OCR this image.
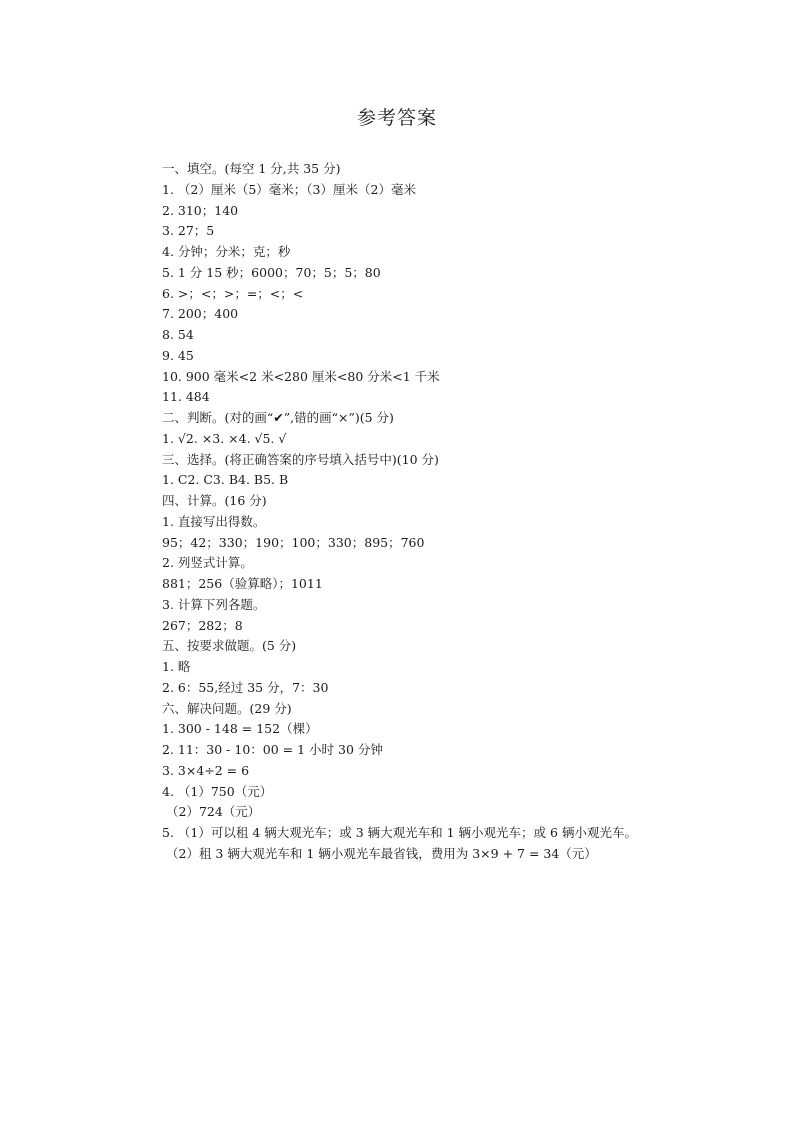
参考答案
一、填空。(每空 1 分,共 35 分)
1. （2）厘米（5）毫米；（3）厘米（2）毫米
2. 310；140
3. 27；5
4. 分钟；分米；克；秒
5. 1 分 15 秒；6000；70；5；5；80
6. >；<；>；=；<；<
7. 200；400
8. 54
9. 45
10. 900 毫米<2 米<280 厘米<80 分米<1 千米
11. 484
二、判断。(对的画“✔”,错的画“×”)(5 分)
1. √2. ×3. ×4. √5. √
三、选择。(将正确答案的序号填入括号中)(10 分)
1. C2. C3. B4. B5. B
四、计算。(16 分)
1. 直接写出得数。
95；42；330；190；100；330；895；760
2. 列竖式计算。
881；256（验算略）；1011
3. 计算下列各题。
267；282；8
五、按要求做题。(5 分)
1. 略
2. 6：55,经过 35 分，7：30
六、解决问题。(29 分)
1. 300 - 148 = 152（棵）
2. 11：30 - 10：00 = 1 小时 30 分钟
3. 3×4÷2 = 6
4. （1）750（元）
（2）724（元）
5. （1）可以租 4 辆大观光车；或 3 辆大观光车和 1 辆小观光车；或 6 辆小观光车。
（2）租 3 辆大观光车和 1 辆小观光车最省钱，费用为 3×9 + 7 = 34（元）
